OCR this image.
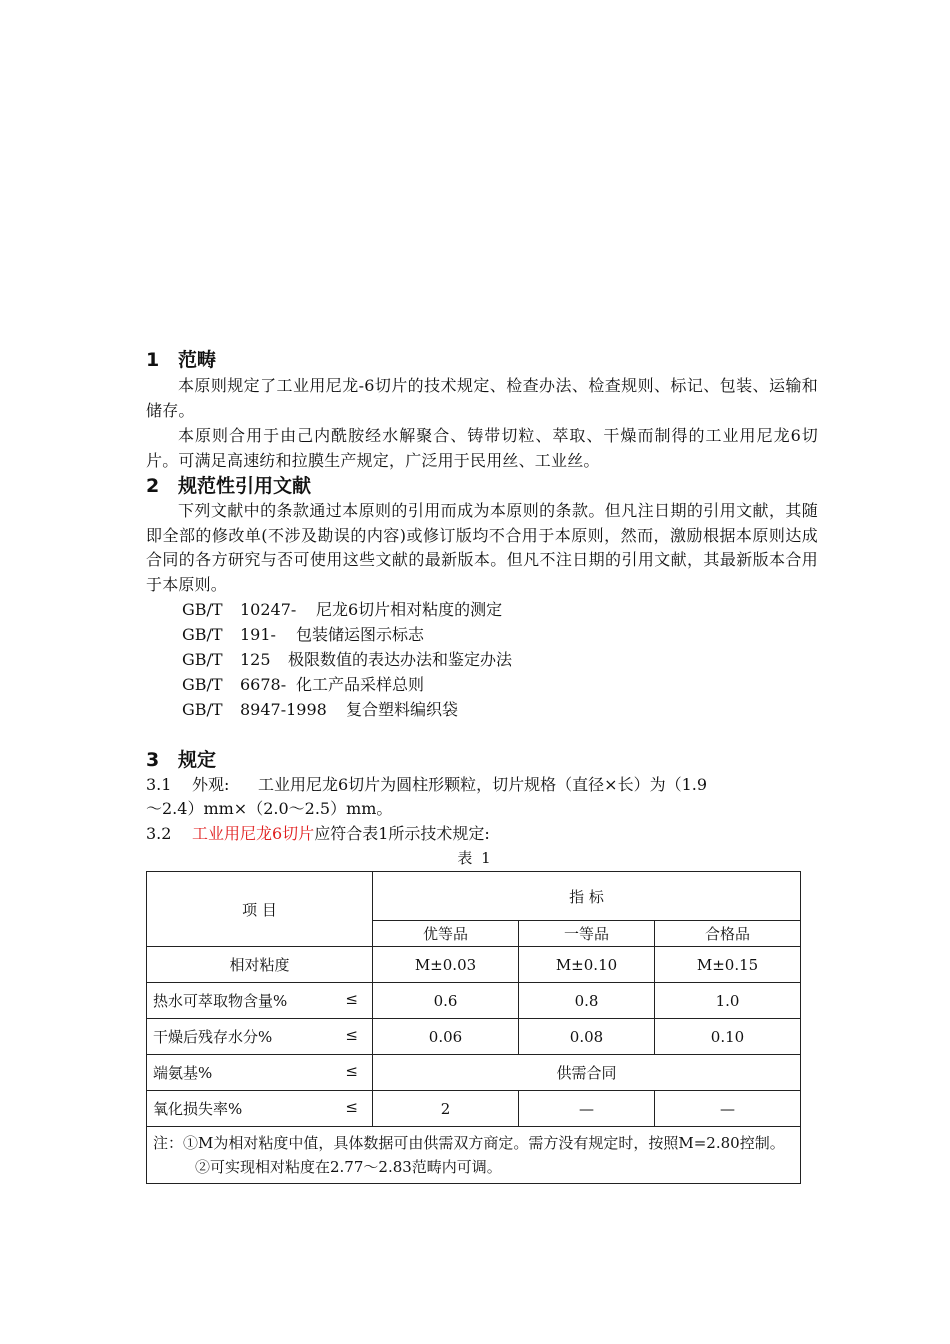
1 范畴
本原则规定了工业用尼龙-6切片的技术规定、检查办法、检查规则、标记、包装、运输和储存。
本原则合用于由己内酰胺经水解聚合、铸带切粒、萃取、干燥而制得的工业用尼龙6切片。可满足高速纺和拉膜生产规定，广泛用于民用丝、工业丝。
2 规范性引用文献
下列文献中的条款通过本原则的引用而成为本原则的条款。但凡注日期的引用文献，其随即全部的修改单(不涉及勘误的内容)或修订版均不合用于本原则，然而，激励根据本原则达成合同的各方研究与否可使用这些文献的最新版本。但凡不注日期的引用文献，其最新版本合用于本原则。
GB/T 10247- 尼龙6切片相对粘度的测定
GB/T 191- 包装储运图示标志
GB/T 125 极限数值的表达办法和鉴定办法
GB/T 6678- 化工产品采样总则
GB/T 8947-1998 复合塑料编织袋
3 规定
3.1 外观: 工业用尼龙6切片为圆柱形颗粒，切片规格（直径×长）为（1.9
～2.4）mm×（2.0～2.5）mm。
3.2 工业用尼龙6切片应符合表1所示技术规定:
表 1
项 目	指 标		
	优等品	一等品	合格品
相对粘度	M±0.03	M±0.10	M±0.15
热水可萃取物含量% ≤	0.6	0.8	1.0
干燥后残存水分% ≤	0.06	0.08	0.10
端氨基% ≤	供需合同		
氧化损失率% ≤	2	—	—

注：①M为相对粘度中值，具体数据可由供需双方商定。需方没有规定时，按照M=2.80控制。
②可实现相对粘度在2.77～2.83范畴内可调。			
